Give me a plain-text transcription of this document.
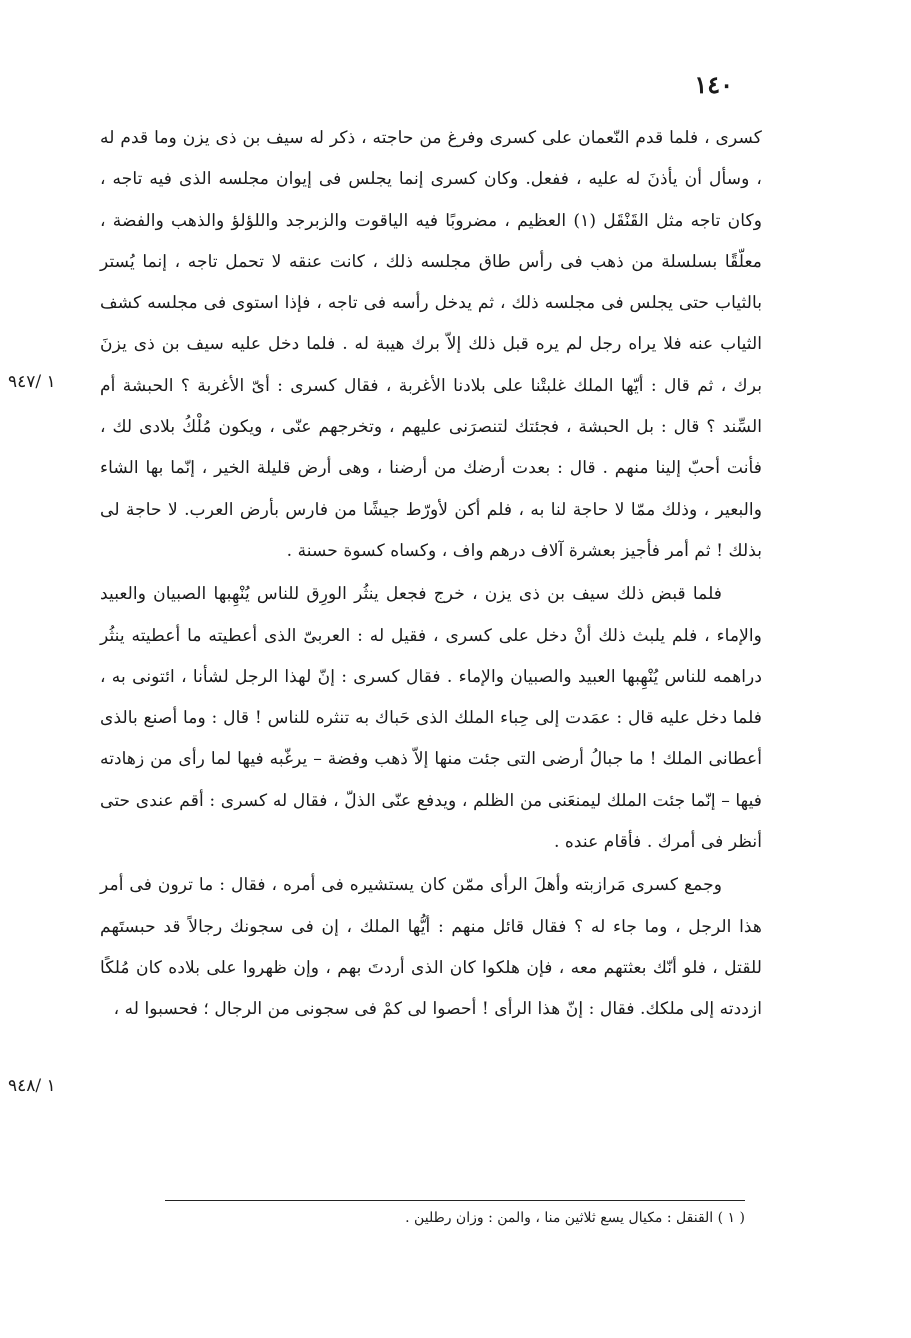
١٤٠
١ /٩٤٧
١ /٩٤٨

كسرى ، فلما قدم النّعمان على كسرى وفرغ من حاجته ، ذكر له سيف بن ذى يزن وما قدم له ، وسأل أن يأذنَ له عليه ، ففعل. وكان كسرى إنما يجلس فى إيوان مجلسه الذى فيه تاجه ، وكان تاجه مثل القَنْقَل (١) العظيم ، مضروبًا فيه الياقوت والزبرجد واللؤلؤ والذهب والفضة ، معلّقًا بسلسلة من ذهب فى رأس طاق مجلسه ذلك ، كانت عنقه لا تحمل تاجه ، إنما يُستر بالثياب حتى يجلس فى مجلسه ذلك ، ثم يدخل رأسه فى تاجه ، فإذا استوى فى مجلسه كشف الثياب عنه فلا يراه رجل لم يره قبل ذلك إلاّ برك هيبة له . فلما دخل عليه سيف بن ذى يزنَ برك ، ثم قال : أيّها الملك غلبتْنا على بلادنا الأغربة ، فقال كسرى : أىّ الأغربة ؟ الحبشة أم السِّند ؟ قال : بل الحبشة ، فجئتك لتنصرَنى عليهم ، وتخرجهم عنّى ، ويكون مُلْكُ بلادى لك ، فأنت أحبّ إلينا منهم . قال : بعدت أرضك من أرضنا ، وهى أرض قليلة الخير ، إنّما بها الشاء والبعير ، وذلك ممّا لا حاجة لنا به ، فلم أكن لأورّط جيشًا من فارس بأرض العرب. لا حاجة لى بذلك ! ثم أمر فأجيز بعشرة آلاف درهم واف ، وكساه كسوة حسنة .

فلما قبض ذلك سيف بن ذى يزن ، خرج فجعل ينثُر الورِق للناس يُنْهِبها الصبيان والعبيد والإماء ، فلم يلبث ذلك أنْ دخل على كسرى ، فقيل له : العربىّ الذى أعطيته ما أعطيته ينثُر دراهمه للناس يُنْهِبها العبيد والصبيان والإماء . فقال كسرى : إنّ لهذا الرجل لشأنا ، ائتونى به ، فلما دخل عليه قال : عمَدت إلى حِباء الملك الذى حَباك به تنثره للناس ! قال : وما أصنع بالذى أعطانى الملك ! ما جبالُ أرضى التى جئت منها إلاّ ذهب وفضة – يرغّبه فيها لما رأى من زهادته فيها – إنّما جئت الملك ليمنعَنى من الظلم ، ويدفع عنّى الذلّ ، فقال له كسرى : أقم عندى حتى أنظر فى أمرك . فأقام عنده .

وجمع كسرى مَرازبته وأهلَ الرأى ممّن كان يستشيره فى أمره ، فقال : ما ترون فى أمر هذا الرجل ، وما جاء له ؟ فقال قائل منهم : أيُّها الملك ، إن فى سجونك رجالاً قد حبستَهم للقتل ، فلو أنّك بعثتهم معه ، فإن هلكوا كان الذى أردتَ بهم ، وإن ظهروا على بلاده كان مُلكًا ازددته إلى ملكك. فقال : إنّ هذا الرأى ! أحصوا لى كمْ فى سجونى من الرجال ؛ فحسبوا له ،

( ١ ) القنقل : مكيال يسع ثلاثين منا ، والمن : وزان رطلين .
